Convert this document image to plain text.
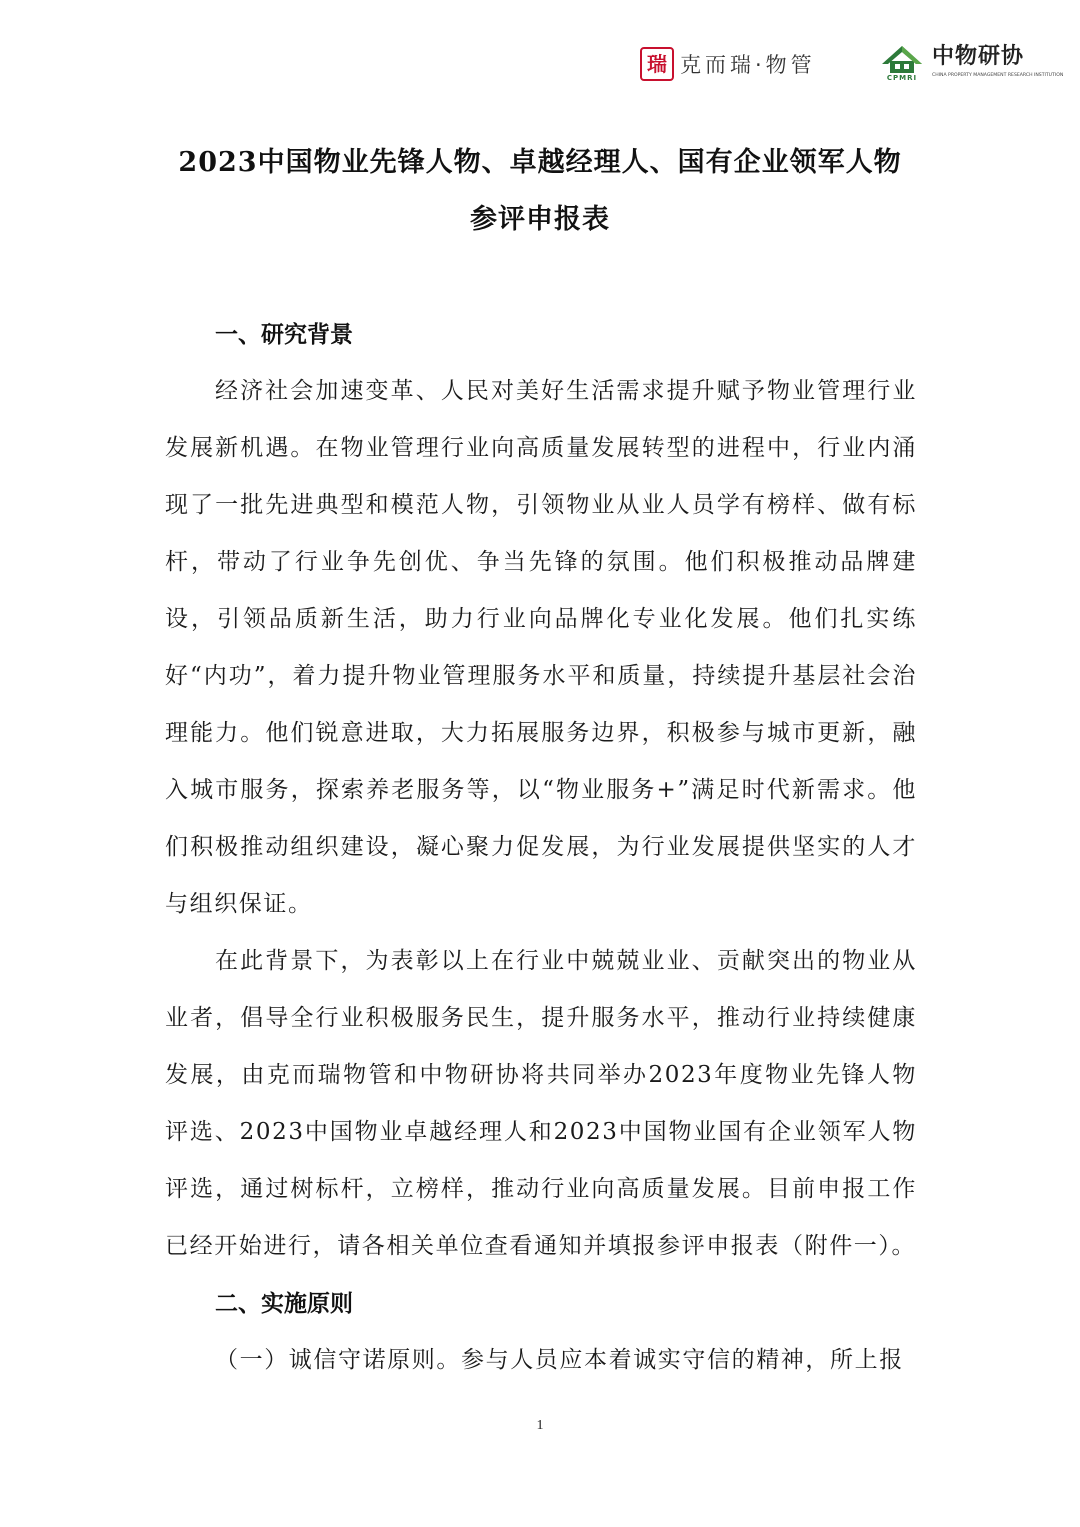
瑞 克而瑞·物管
CPMRI
中物研协
CHINA PROPERTY MANAGEMENT RESEARCH INSTITUTION
2023中国物业先锋人物、卓越经理人、国有企业领军人物
参评申报表
一、研究背景

经济社会加速变革、人民对美好生活需求提升赋予物业管理行业发展新机遇。在物业管理行业向高质量发展转型的进程中，行业内涌现了一批先进典型和模范人物，引领物业从业人员学有榜样、做有标杆，带动了行业争先创优、争当先锋的氛围。他们积极推动品牌建设，引领品质新生活，助力行业向品牌化专业化发展。他们扎实练好“内功”，着力提升物业管理服务水平和质量，持续提升基层社会治理能力。他们锐意进取，大力拓展服务边界，积极参与城市更新，融入城市服务，探索养老服务等，以“物业服务+”满足时代新需求。他们积极推动组织建设，凝心聚力促发展，为行业发展提供坚实的人才与组织保证。

在此背景下，为表彰以上在行业中兢兢业业、贡献突出的物业从业者，倡导全行业积极服务民生，提升服务水平，推动行业持续健康发展，由克而瑞物管和中物研协将共同举办2023年度物业先锋人物评选、2023中国物业卓越经理人和2023中国物业国有企业领军人物评选，通过树标杆，立榜样，推动行业向高质量发展。目前申报工作已经开始进行，请各相关单位查看通知并填报参评申报表（附件一）。

二、实施原则

（一）诚信守诺原则。参与人员应本着诚实守信的精神，所上报

1
